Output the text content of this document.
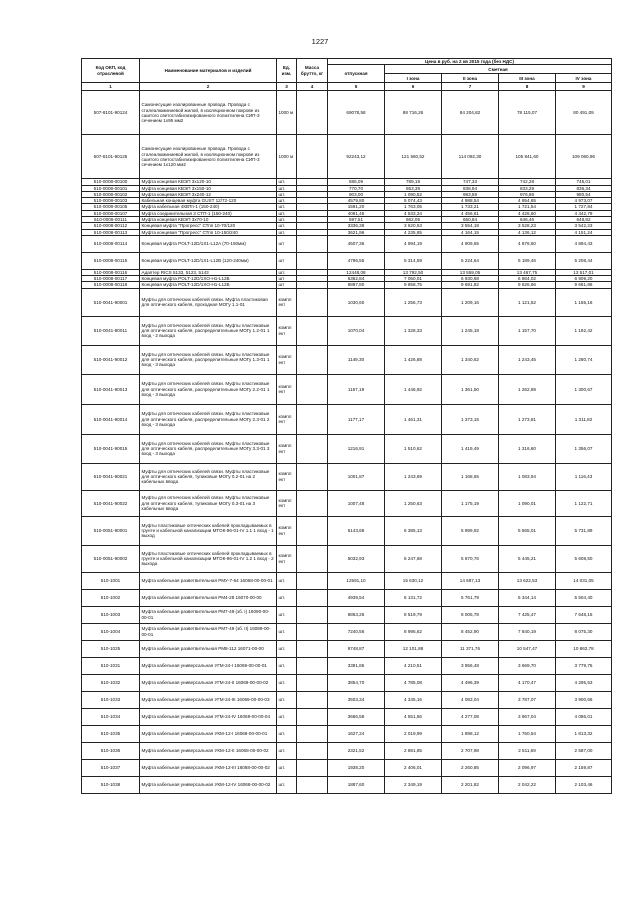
1227
Код ОКП, код отраслевой	Наименование материалов и изделий	Ед. изм.	Масса брутто, кг	Цена в руб. на 2 кв 2015 года (без НДС)				
				отпускная	Сметная			
					I зона	II зона	III зона	IV зона
1	2	3	4	5	6	7	8	9
507-8101-90124	Самонесущие изолированные провода. Провода с сталеалюминиевой жилой, в изоляционном покрове из сшитого светостабилизированного полиэтилена СИП-3 сечением 1х95 мм2	1000 м		69078,58	88 716,26	84 204,82	78 115,07	80 491,09
507-8101-90125	Самонесущие изолированные провода. Провода с сталеалюминиевой жилой, в изоляционном покрове из сшитого светостабилизированного полиэтилена СИП-3 сечением 1х120 мм2	1000 м		92243,12	121 560,52	114 092,30	105 841,60	109 060,96
510-0008-00100	Муфта концевая КВЭП 3х120-10	шт.		686,09	789,19	747,33	742,28	745,01
510-0008-00101	Муфта концевая КВЭП 3х150-10	шт.		770,70	863,39	838,94	833,29	836,34
510-0008-00102	Муфта концевая КВЭП 3х240-12	шт.		903,00	1 090,52	983,59	976,86	980,54
510-0008-00103	Кабельная концевая муфта GUST 12/72-120	шт.		4579,80	5 074,43	4 988,54	4 954,65	4 973,07
510-0008-00105	Муфта кабельная 4КВТп-1 (150-240)	шт.		1591,20	1 763,05	1 733,21	1 721,54	1 727,84
510-0008-00107	Муфта соединительная 3 СТП-1 (150-240)	шт.		4091,45	4 533,34	4 456,61	4 426,60	4 442,79
510-0008-00111	Муфта концевая КВЭП 3х70-10	шт.		597,51	662,05	650,84	646,46	648,82
510-0008-00112	Концевая муфта "Прогресс" СТпп 10-70/120	шт.		3336,38	3 620,53	3 554,18	3 528,23	3 542,23
510-0008-00113	Муфта концевая "Прогресс" СТпп 10-150/240	шт.		3621,96	4 235,85	4 164,15	4 136,12	4 151,24
510-0008-00114	Концевая муфта POLT-12D/1X1-L12A (70-150мм)	шт		4507,36	4 994,19	4 909,65	4 876,60	4 894,43
510-0008-00115	Концевая муфта POLT-12D/1X1-L12B (120-240мм)	шт		4796,55	5 314,59	5 224,64	5 189,46	5 208,44
510-0008-00116	Адаптер RICS 5133, 5123, 5143	шт.		12448,08	13 792,50	13 559,05	13 467,75	13 517,01
510-0008-00117	Концевая муфта POLT-12D/1XO-H1-L12B	шт		6362,84	7 050,01	6 930,68	6 884,02	6 909,20
510-0008-00118	Концевая муфта POLT-12D/1XO-H1-L12B	шт		8897,80	9 858,75	9 691,82	9 626,66	9 661,86
510-0041-90001	Муфты для оптических кабелей связи. Муфта пластиковая для оптического кабеля, проходная МОГу 1.1-01	компл ект		1030,60	1 256,73	1 209,16	1 121,52	1 155,16
510-0041-90011	Муфты для оптических кабелей связи. Муфты пластиковые для оптического кабеля, распределительные МОГу 1.2-01 1 вход - 2 выхода	компл ект		1070,04	1 328,33	1 245,18	1 157,70	1 192,42
510-0041-90012	Муфты для оптических кабелей связи. Муфты пластиковые для оптического кабеля, распределительные МОГу 1.3-01 1 вход - 3 выхода	компл ект		1149,30	1 426,88	1 340,62	1 243,45	1 280,74
510-0041-90013	Муфты для оптических кабелей связи. Муфты пластиковые для оптического кабеля, распределительные МОГу 2.2-01 1 вход - 3 выхода	компл ект		1167,19	1 446,92	1 361,50	1 262,89	1 300,67
510-0041-90014	Муфты для оптических кабелей связи. Муфты пластиковые для оптического кабеля, распределительные МОГу 2.3-01 2 вход - 3 выхода	компл ект		1177,17	1 461,31	1 373,15	1 273,81	1 311,82
510-0041-90015	Муфты для оптических кабелей связи. Муфты пластиковые для оптического кабеля, распределительные МОГу 3.3-01 3 вход - 3 выхода	компл ект		1216,91	1 510,62	1 419,49	1 316,60	1 356,07
510-0041-90021	Муфты для оптических кабелей связи. Муфты пластиковые для оптического кабеля, тупиковые МОГу 0.2-01 на 2 кабельных ввода	компл ект		1001,87	1 243,69	1 168,65	1 083,94	1 116,43
510-0041-90022	Муфты для оптических кабелей связи. Муфты пластиковые для оптического кабеля, тупиковые МОГу 0.3-01 на 3 кабельных ввода	компл ект		1007,48	1 250,63	1 175,19	1 090,01	1 122,71
510-0051-90001	Муфты пластиковые оптических кабелей прокладываемых в грунте и кабельной канализации МТОК-96-01-IV 1.1 1 вход - 1 выход	компл ект		5143,68	6 385,13	5 999,92	5 565,01	5 731,89
510-0051-90002	Муфты пластиковые оптических кабелей прокладываемых в грунте и кабельной канализации МТОК-96-01-IV 1.2 1 вход - 2 выхода	компл ект		5032,93	6 247,68	5 870,76	5 445,21	5 608,50
510-1001	Муфта кабельная разветвительная РМУ-7-64 16068-00-00-01	шт.		12591,10	15 630,12	14 687,13	13 622,53	14 031,05
510-1002	Муфта кабельная разветвительная РМ4-28 16070-00-00	шт.		4939,54	6 131,72	5 761,79	5 344,14	5 504,40
510-1003	Муфта кабельная разветвительная РМ7-49 (зб. I) 16090-00-00-01	шт.		6863,26	8 519,79	8 005,78	7 425,47	7 648,15
510-1004	Муфта кабельная разветвительная РМ7-49 (зб. II) 16089-00-00-01	шт.		7240,56	8 995,62	8 452,90	7 840,19	8 075,30
510-1025	Муфта кабельная разветвительная РМ8-112 16071-00-00	шт.		9748,87	12 101,88	11 371,76	10 547,47	10 863,78
510-1031	Муфта кабельная универсальная УГМ-24-I 16069-00-00-01	шт.		3391,85	4 210,51	3 956,48	3 669,70	3 779,75
510-1032	Муфта кабельная универсальная УГМ-24-II 16069-00-00-02	шт.		3854,70	4 785,08	4 496,39	4 170,47	4 295,53
510-1033	Муфта кабельная универсальная УГМ-24-III 16069-00-00-03	шт.		3503,34	4 345,16	4 083,04	3 787,07	3 900,66
510-1034	Муфта кабельная универсальная УГМ-24-IV 16069-00-00-04	шт.		3666,58	4 551,56	4 277,08	3 967,04	4 086,01
510-1035	Муфта кабельная универсальная УКМ-12-I 16068-00-00-01	шт.		1627,24	2 019,99	1 898,12	1 760,54	1 813,32
510-1036	Муфта кабельная универсальная УКМ-12-II 16068-00-00-02	шт.		2321,52	2 881,85	2 707,98	2 511,69	2 587,00
510-1037	Муфта кабельная универсальная УКМ-12-III 16068-00-00-02	шт.		1938,20	2 406,01	2 260,85	2 096,97	2 159,87
510-1038	Муфта кабельная универсальная УКМ-12-IV 16068-00-00-02	шт.		1887,60	2 349,19	2 201,82	2 042,22	2 103,46
